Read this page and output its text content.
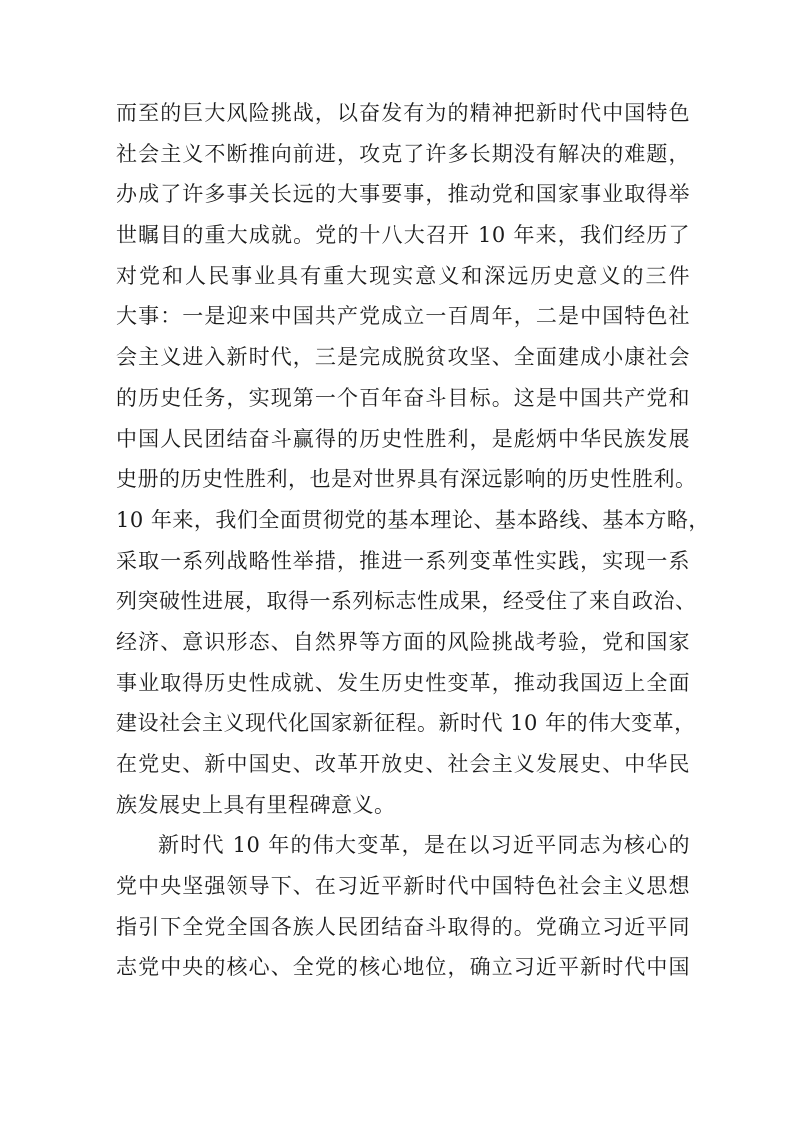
而至的巨大风险挑战，以奋发有为的精神把新时代中国特色
社会主义不断推向前进，攻克了许多长期没有解决的难题，
办成了许多事关长远的大事要事，推动党和国家事业取得举
世瞩目的重大成就。党的十八大召开 10 年来，我们经历了
对党和人民事业具有重大现实意义和深远历史意义的三件
大事：一是迎来中国共产党成立一百周年，二是中国特色社
会主义进入新时代，三是完成脱贫攻坚、全面建成小康社会
的历史任务，实现第一个百年奋斗目标。这是中国共产党和
中国人民团结奋斗赢得的历史性胜利，是彪炳中华民族发展
史册的历史性胜利，也是对世界具有深远影响的历史性胜利。
10 年来，我们全面贯彻党的基本理论、基本路线、基本方略，
采取一系列战略性举措，推进一系列变革性实践，实现一系
列突破性进展，取得一系列标志性成果，经受住了来自政治、
经济、意识形态、自然界等方面的风险挑战考验，党和国家
事业取得历史性成就、发生历史性变革，推动我国迈上全面
建设社会主义现代化国家新征程。新时代 10 年的伟大变革，
在党史、新中国史、改革开放史、社会主义发展史、中华民
族发展史上具有里程碑意义。
新时代 10 年的伟大变革，是在以习近平同志为核心的
党中央坚强领导下、在习近平新时代中国特色社会主义思想
指引下全党全国各族人民团结奋斗取得的。党确立习近平同
志党中央的核心、全党的核心地位，确立习近平新时代中国
